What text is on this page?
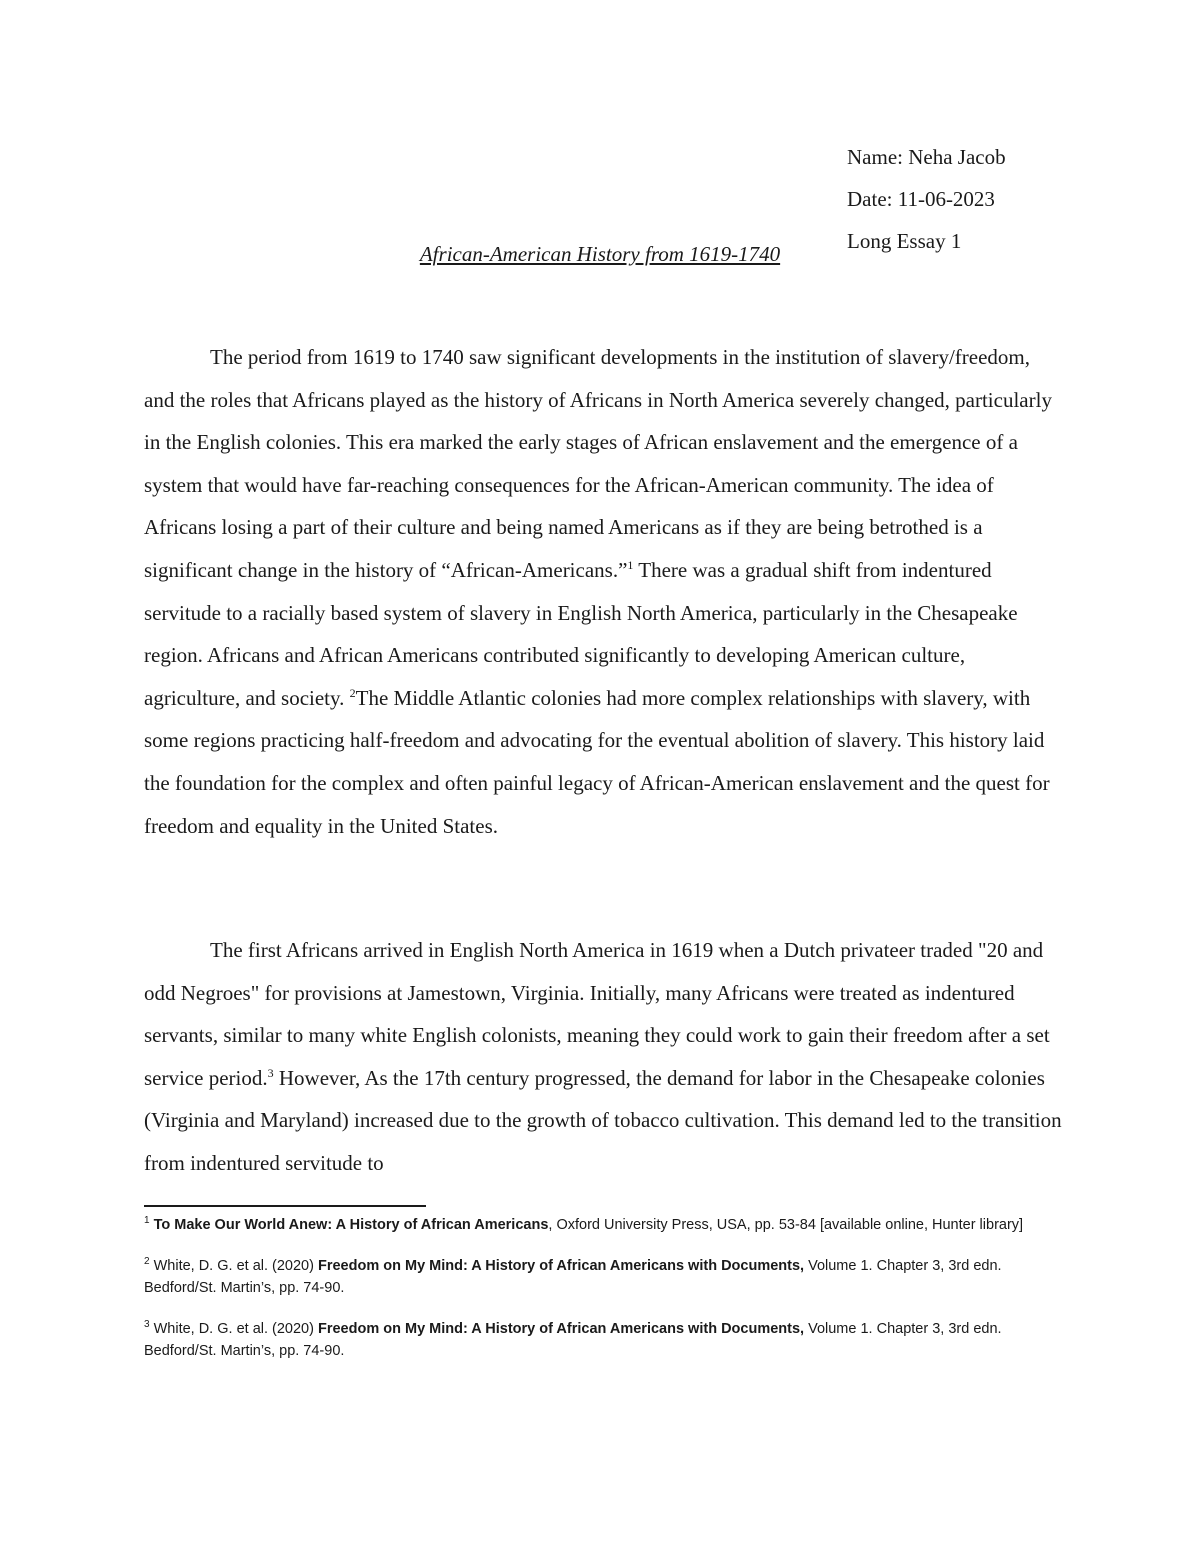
Name: Neha Jacob
Date: 11-06-2023
Long Essay 1
African-American History from 1619-1740

The period from 1619 to 1740 saw significant developments in the institution of slavery/freedom, and the roles that Africans played as the history of Africans in North America severely changed, particularly in the English colonies. This era marked the early stages of African enslavement and the emergence of a system that would have far-reaching consequences for the African-American community. The idea of Africans losing a part of their culture and being named Americans as if they are being betrothed is a significant change in the history of “African-Americans.”$^1$ There was a gradual shift from indentured servitude to a racially based system of slavery in English North America, particularly in the Chesapeake region. Africans and African Americans contributed significantly to developing American culture, agriculture, and society. $^2$The Middle Atlantic colonies had more complex relationships with slavery, with some regions practicing half-freedom and advocating for the eventual abolition of slavery. This history laid the foundation for the complex and often painful legacy of African-American enslavement and the quest for freedom and equality in the United States.

The first Africans arrived in English North America in 1619 when a Dutch privateer traded "20 and odd Negroes" for provisions at Jamestown, Virginia. Initially, many Africans were treated as indentured servants, similar to many white English colonists, meaning they could work to gain their freedom after a set service period.$^3$ However, As the 17th century progressed, the demand for labor in the Chesapeake colonies (Virginia and Maryland) increased due to the growth of tobacco cultivation. This demand led to the transition from indentured servitude to

$^1$ To Make Our World Anew: A History of African Americans, Oxford University Press, USA, pp. 53-84 [available online, Hunter library]

$^2$ White, D. G. et al. (2020) Freedom on My Mind: A History of African Americans with Documents, Volume 1. Chapter 3, 3rd edn. Bedford/St. Martin’s, pp. 74-90.

$^3$ White, D. G. et al. (2020) Freedom on My Mind: A History of African Americans with Documents, Volume 1. Chapter 3, 3rd edn. Bedford/St. Martin’s, pp. 74-90.
